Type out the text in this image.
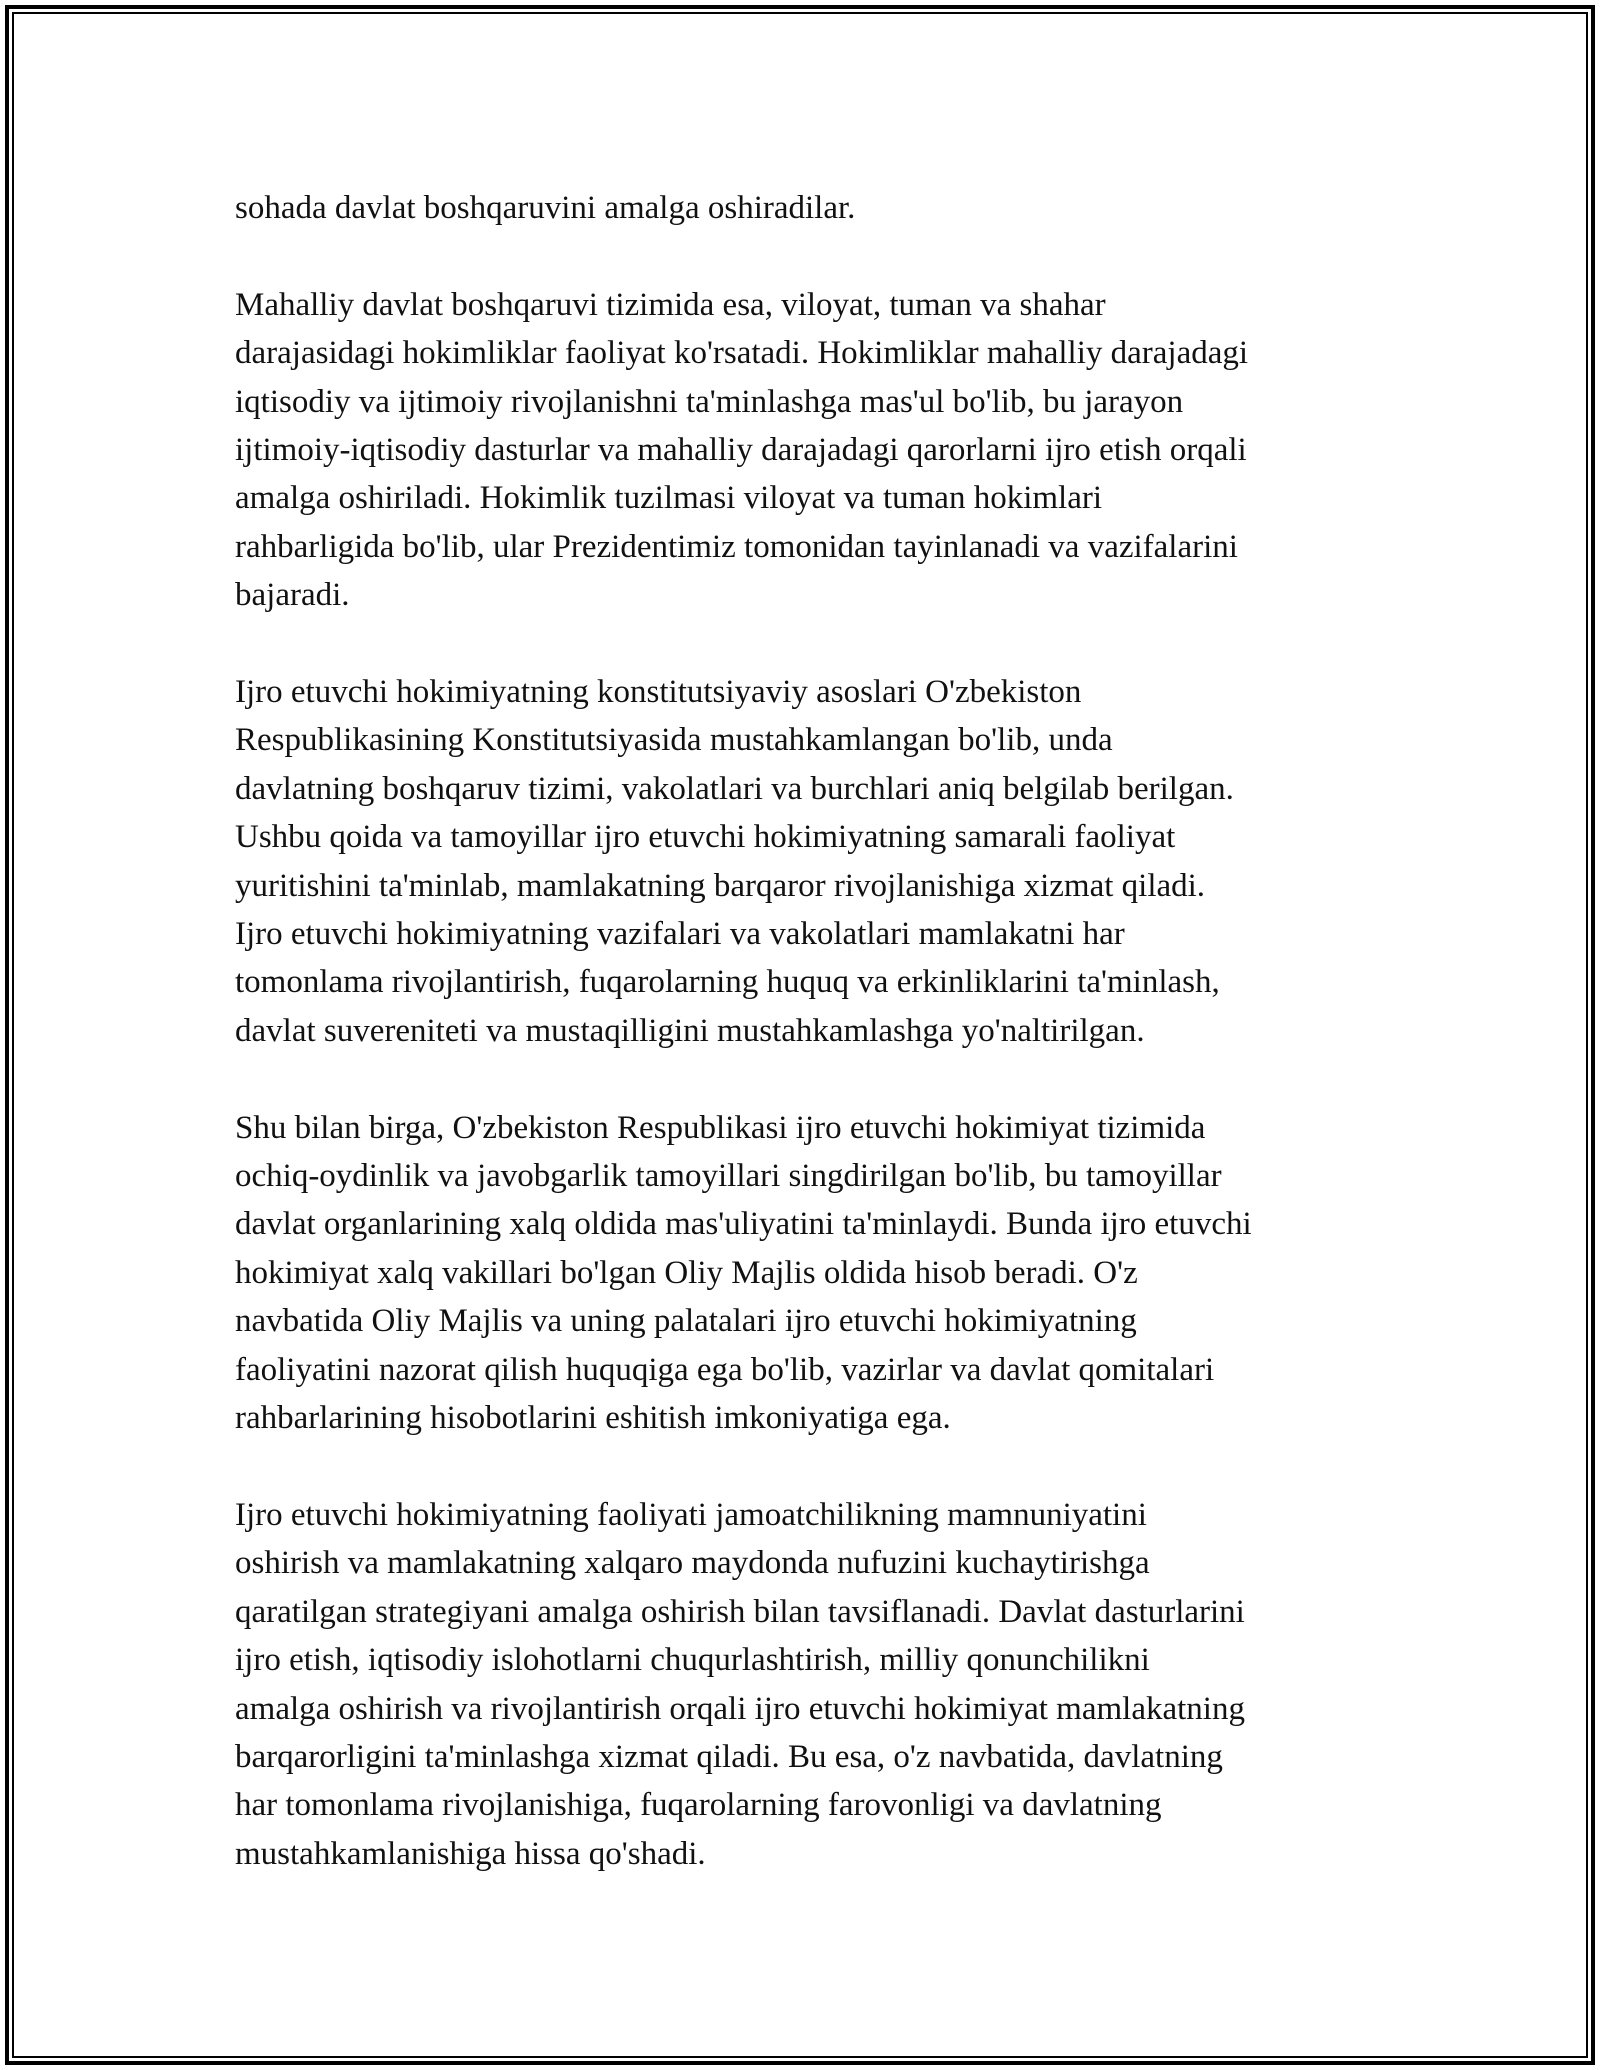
sohada davlat boshqaruvini amalga oshiradilar.

Mahalliy davlat boshqaruvi tizimida esa, viloyat, tuman va shahar
darajasidagi hokimliklar faoliyat ko'rsatadi. Hokimliklar mahalliy darajadagi
iqtisodiy va ijtimoiy rivojlanishni ta'minlashga mas'ul bo'lib, bu jarayon
ijtimoiy-iqtisodiy dasturlar va mahalliy darajadagi qarorlarni ijro etish orqali
amalga oshiriladi. Hokimlik tuzilmasi viloyat va tuman hokimlari
rahbarligida bo'lib, ular Prezidentimiz tomonidan tayinlanadi va vazifalarini
bajaradi.

Ijro etuvchi hokimiyatning konstitutsiyaviy asoslari O'zbekiston
Respublikasining Konstitutsiyasida mustahkamlangan bo'lib, unda
davlatning boshqaruv tizimi, vakolatlari va burchlari aniq belgilab berilgan.
Ushbu qoida va tamoyillar ijro etuvchi hokimiyatning samarali faoliyat
yuritishini ta'minlab, mamlakatning barqaror rivojlanishiga xizmat qiladi.
Ijro etuvchi hokimiyatning vazifalari va vakolatlari mamlakatni har
tomonlama rivojlantirish, fuqarolarning huquq va erkinliklarini ta'minlash,
davlat suvereniteti va mustaqilligini mustahkamlashga yo'naltirilgan.

Shu bilan birga, O'zbekiston Respublikasi ijro etuvchi hokimiyat tizimida
ochiq-oydinlik va javobgarlik tamoyillari singdirilgan bo'lib, bu tamoyillar
davlat organlarining xalq oldida mas'uliyatini ta'minlaydi. Bunda ijro etuvchi
hokimiyat xalq vakillari bo'lgan Oliy Majlis oldida hisob beradi. O'z
navbatida Oliy Majlis va uning palatalari ijro etuvchi hokimiyatning
faoliyatini nazorat qilish huquqiga ega bo'lib, vazirlar va davlat qomitalari
rahbarlarining hisobotlarini eshitish imkoniyatiga ega.

Ijro etuvchi hokimiyatning faoliyati jamoatchilikning mamnuniyatini
oshirish va mamlakatning xalqaro maydonda nufuzini kuchaytirishga
qaratilgan strategiyani amalga oshirish bilan tavsiflanadi. Davlat dasturlarini
ijro etish, iqtisodiy islohotlarni chuqurlashtirish, milliy qonunchilikni
amalga oshirish va rivojlantirish orqali ijro etuvchi hokimiyat mamlakatning
barqarorligini ta'minlashga xizmat qiladi. Bu esa, o'z navbatida, davlatning
har tomonlama rivojlanishiga, fuqarolarning farovonligi va davlatning
mustahkamlanishiga hissa qo'shadi.
